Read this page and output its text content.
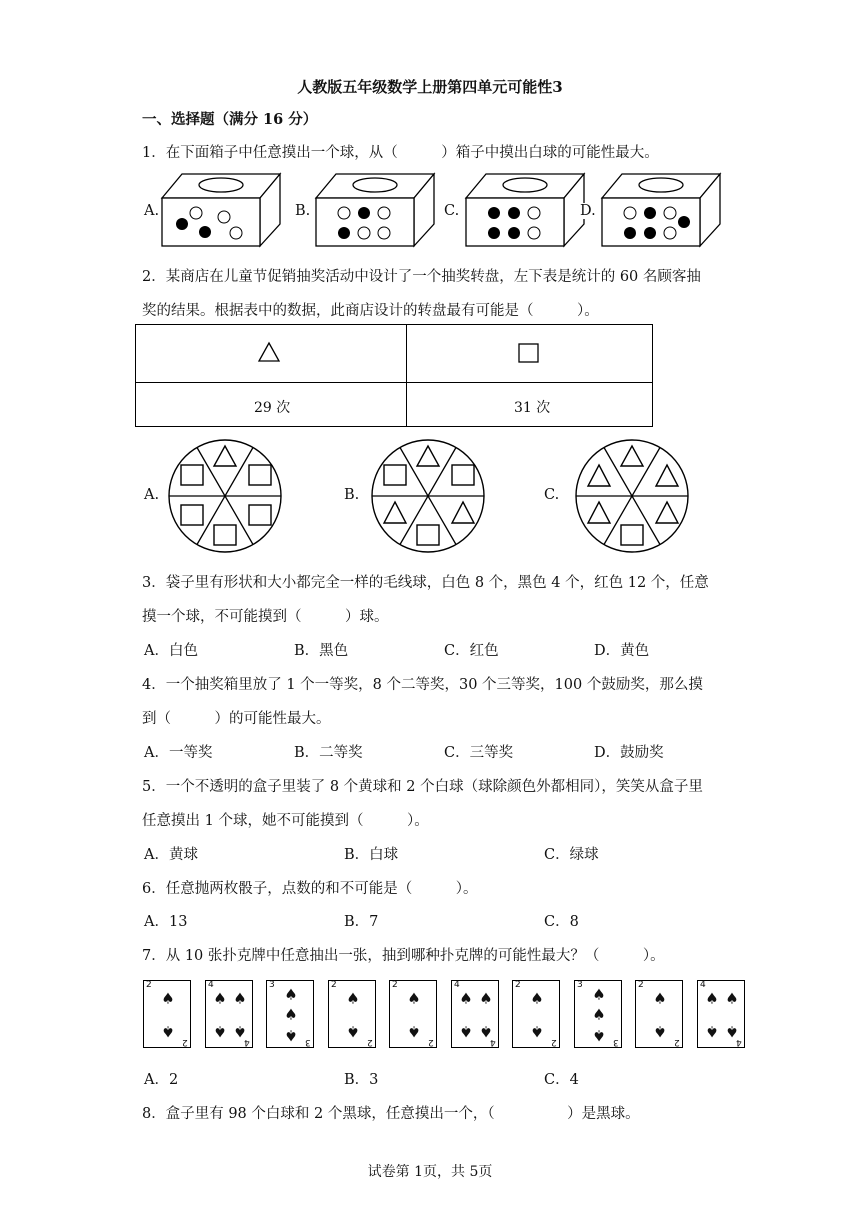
人教版五年级数学上册第四单元可能性3
一、选择题（满分 16 分）
1．在下面箱子中任意摸出一个球，从（　　　）箱子中摸出白球的可能性最大。
A.	B.	C.	D.
2．某商店在儿童节促销抽奖活动中设计了一个抽奖转盘，左下表是统计的 60 名顾客抽
奖的结果。根据表中的数据，此商店设计的转盘最有可能是（　　　）。
29 次	31 次
A.	B.	C.
3．袋子里有形状和大小都完全一样的毛线球，白色 8 个，黑色 4 个，红色 12 个，任意
摸一个球，不可能摸到（　　　）球。
A．白色	B．黑色	C．红色	D．黄色
4．一个抽奖箱里放了 1 个一等奖，8 个二等奖，30 个三等奖，100 个鼓励奖，那么摸
到（　　　）的可能性最大。
A．一等奖	B．二等奖	C．三等奖	D．鼓励奖
5．一个不透明的盒子里装了 8 个黄球和 2 个白球（球除颜色外都相同），笑笑从盒子里
任意摸出 1 个球，她不可能摸到（　　　）。
A．黄球	B．白球	C．绿球
6．任意抛两枚骰子，点数的和不可能是（　　　）。
A．13	B．7	C．8
7．从 10 张扑克牌中任意抽出一张，抽到哪种扑克牌的可能性最大？（　　　）。
2
2
♠
♠
4
4
♠ ♠
♠ ♠
3
3
♠
♠
♠
2
2
♠
♠
2
2
♠
♠
4
4
♠ ♠
♠ ♠
2
2
♠
♠
3
3
♠
♠
♠
2
2
♠
♠
4
4
♠ ♠
♠ ♠
A．2	B．3	C．4
8．盒子里有 98 个白球和 2 个黑球，任意摸出一个，（　　　　　）是黑球。
试卷第 1页，共 5页
